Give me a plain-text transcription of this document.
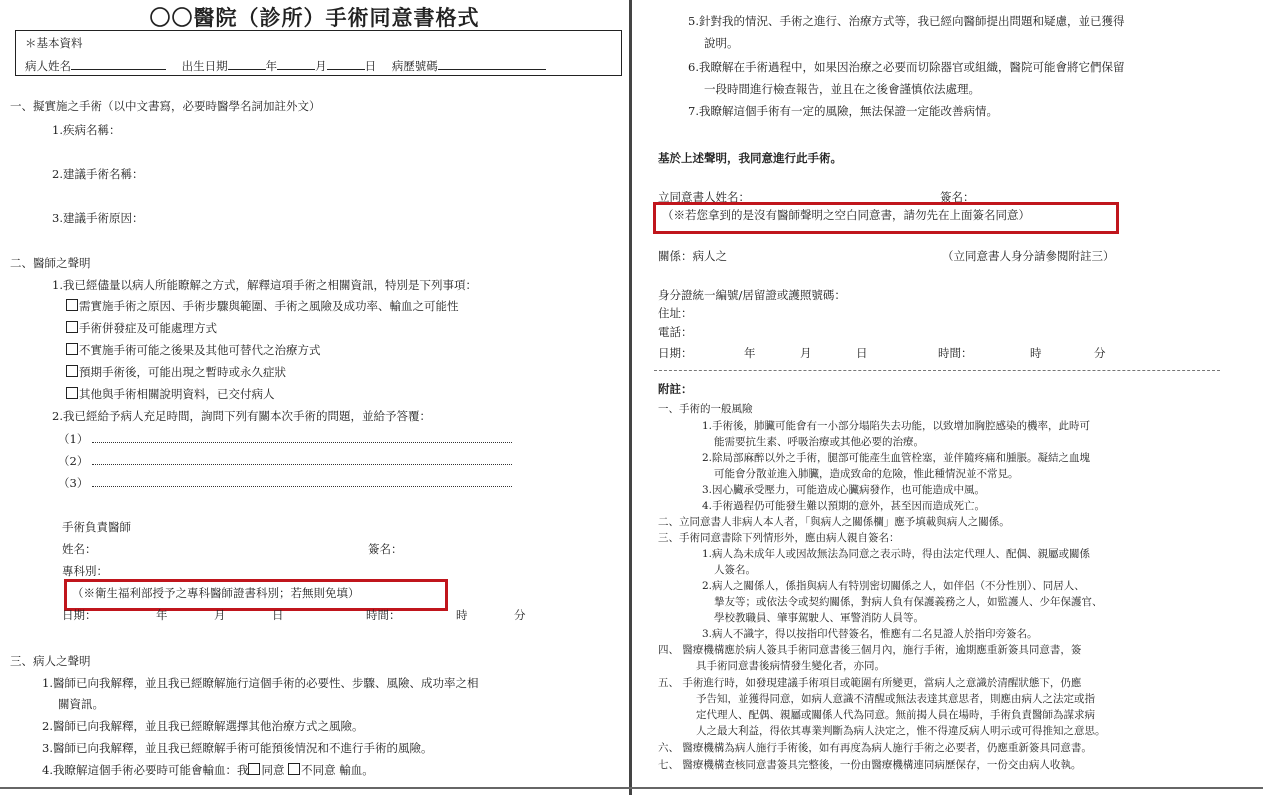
〇〇醫院（診所）手術同意書格式
＊基本資料
病人姓名	出生日期	年	月	日 病歷號碼
一、擬實施之手術（以中文書寫，必要時醫學名詞加註外文）
1.疾病名稱：
2.建議手術名稱：
3.建議手術原因：
二、醫師之聲明
1.我已經儘量以病人所能瞭解之方式，解釋這項手術之相關資訊，特別是下列事項：
需實施手術之原因、手術步驟與範圍、手術之風險及成功率、輸血之可能性
手術併發症及可能處理方式
不實施手術可能之後果及其他可替代之治療方式
預期手術後，可能出現之暫時或永久症狀
其他與手術相關說明資料，已交付病人
2.我已經給予病人充足時間，詢問下列有關本次手術的問題，並給予答覆：
（1）
（2）
（3）
手術負責醫師
姓名：	簽名：
專科別：
（※衛生福利部授予之專科醫師證書科別；若無則免填）
日期：	年	月	日	時間：	時	分
三、病人之聲明
1.醫師已向我解釋，並且我已經瞭解施行這個手術的必要性、步驟、風險、成功率之相
關資訊。
2.醫師已向我解釋，並且我已經瞭解選擇其他治療方式之風險。
3.醫師已向我解釋，並且我已經瞭解手術可能預後情況和不進行手術的風險。
4.我瞭解這個手術必要時可能會輸血：我 同意 不同意 輸血。
5.針對我的情況、手術之進行、治療方式等，我已經向醫師提出問題和疑慮，並已獲得
說明。
6.我瞭解在手術過程中，如果因治療之必要而切除器官或組織，醫院可能會將它們保留
一段時間進行檢查報告，並且在之後會謹慎依法處理。
7.我瞭解這個手術有一定的風險，無法保證一定能改善病情。
基於上述聲明，我同意進行此手術。
立同意書人姓名：	簽名：
（※若您拿到的是沒有醫師聲明之空白同意書，請勿先在上面簽名同意）
關係：病人之	（立同意書人身分請參閱附註三）
身分證統一編號/居留證或護照號碼：
住址：
電話：
日期：	年	月	日	時間：	時	分
附註：
一、手術的一般風險
1.手術後，肺臟可能會有一小部分塌陷失去功能，以致增加胸腔感染的機率，此時可
能需要抗生素、呼吸治療或其他必要的治療。
2.除局部麻醉以外之手術，腿部可能產生血管栓塞，並伴隨疼痛和腫脹。凝結之血塊
可能會分散並進入肺臟，造成致命的危險，惟此種情況並不常見。
3.因心臟承受壓力，可能造成心臟病發作，也可能造成中風。
4.手術過程仍可能發生難以預期的意外，甚至因而造成死亡。
二、立同意書人非病人本人者，「與病人之關係欄」應予填載與病人之關係。
三、手術同意書除下列情形外，應由病人親自簽名：
1.病人為未成年人或因故無法為同意之表示時，得由法定代理人、配偶、親屬或關係
人簽名。
2.病人之關係人，係指與病人有特別密切關係之人，如伴侶（不分性別）、同居人、
摯友等；或依法令或契約關係，對病人負有保護義務之人，如監護人、少年保護官、
學校教職員、肇事駕駛人、軍警消防人員等。
3.病人不識字，得以按指印代替簽名，惟應有二名見證人於指印旁簽名。
四、 醫療機構應於病人簽具手術同意書後三個月內，施行手術，逾期應重新簽具同意書，簽
具手術同意書後病情發生變化者，亦同。
五、 手術進行時，如發現建議手術項目或範圍有所變更，當病人之意識於清醒狀態下，仍應
予告知，並獲得同意，如病人意識不清醒或無法表達其意思者，則應由病人之法定或指
定代理人、配偶、親屬或關係人代為同意。無前揭人員在場時，手術負責醫師為謀求病
人之最大利益，得依其專業判斷為病人決定之，惟不得違反病人明示或可得推知之意思。
六、 醫療機構為病人施行手術後，如有再度為病人施行手術之必要者，仍應重新簽具同意書。
七、 醫療機構查核同意書簽具完整後，一份由醫療機構連同病歷保存，一份交由病人收執。
